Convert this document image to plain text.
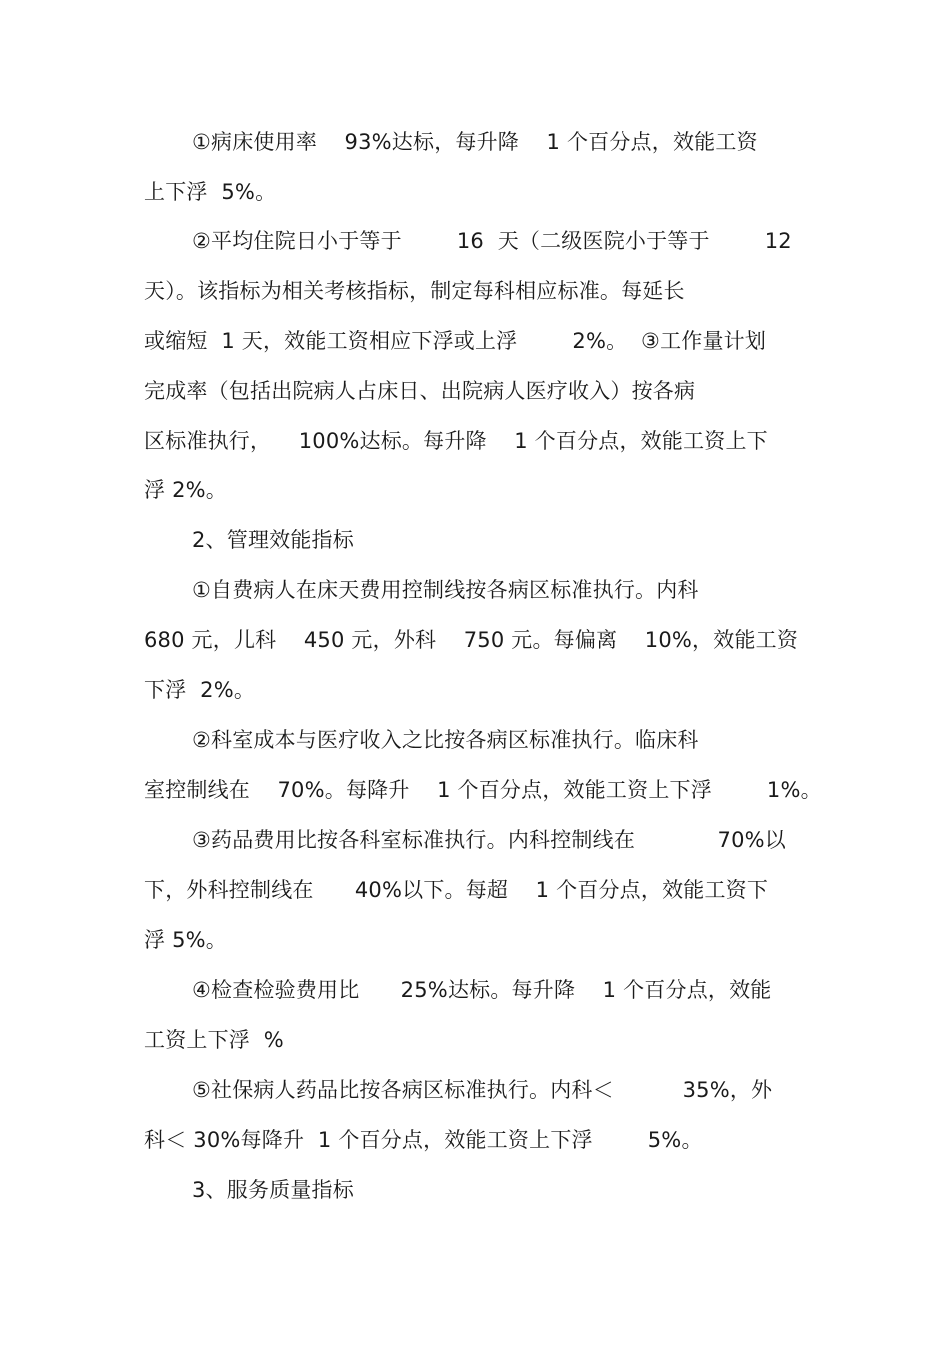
①病床使用率    93%达标，每升降    1 个百分点，效能工资
上下浮  5%。
②平均住院日小于等于        16  天（二级医院小于等于        12
天）。该指标为相关考核指标，制定每科相应标准。每延长
或缩短  1 天，效能工资相应下浮或上浮        2%。  ③工作量计划
完成率（包括出院病人占床日、出院病人医疗收入）按各病
区标准执行，    100%达标。每升降    1 个百分点，效能工资上下
浮 2%。
2、管理效能指标
①自费病人在床天费用控制线按各病区标准执行。内科
680 元，儿科    450 元，外科    750 元。每偏离    10%，效能工资
下浮  2%。
②科室成本与医疗收入之比按各病区标准执行。临床科
室控制线在    70%。每降升    1 个百分点，效能工资上下浮        1%。
③药品费用比按各科室标准执行。内科控制线在            70%以
下，外科控制线在      40%以下。每超    1 个百分点，效能工资下
浮 5%。
④检查检验费用比      25%达标。每升降    1 个百分点，效能
工资上下浮  %
⑤社保病人药品比按各病区标准执行。内科＜          35%，外
科＜ 30%每降升  1 个百分点，效能工资上下浮        5%。
3、服务质量指标
